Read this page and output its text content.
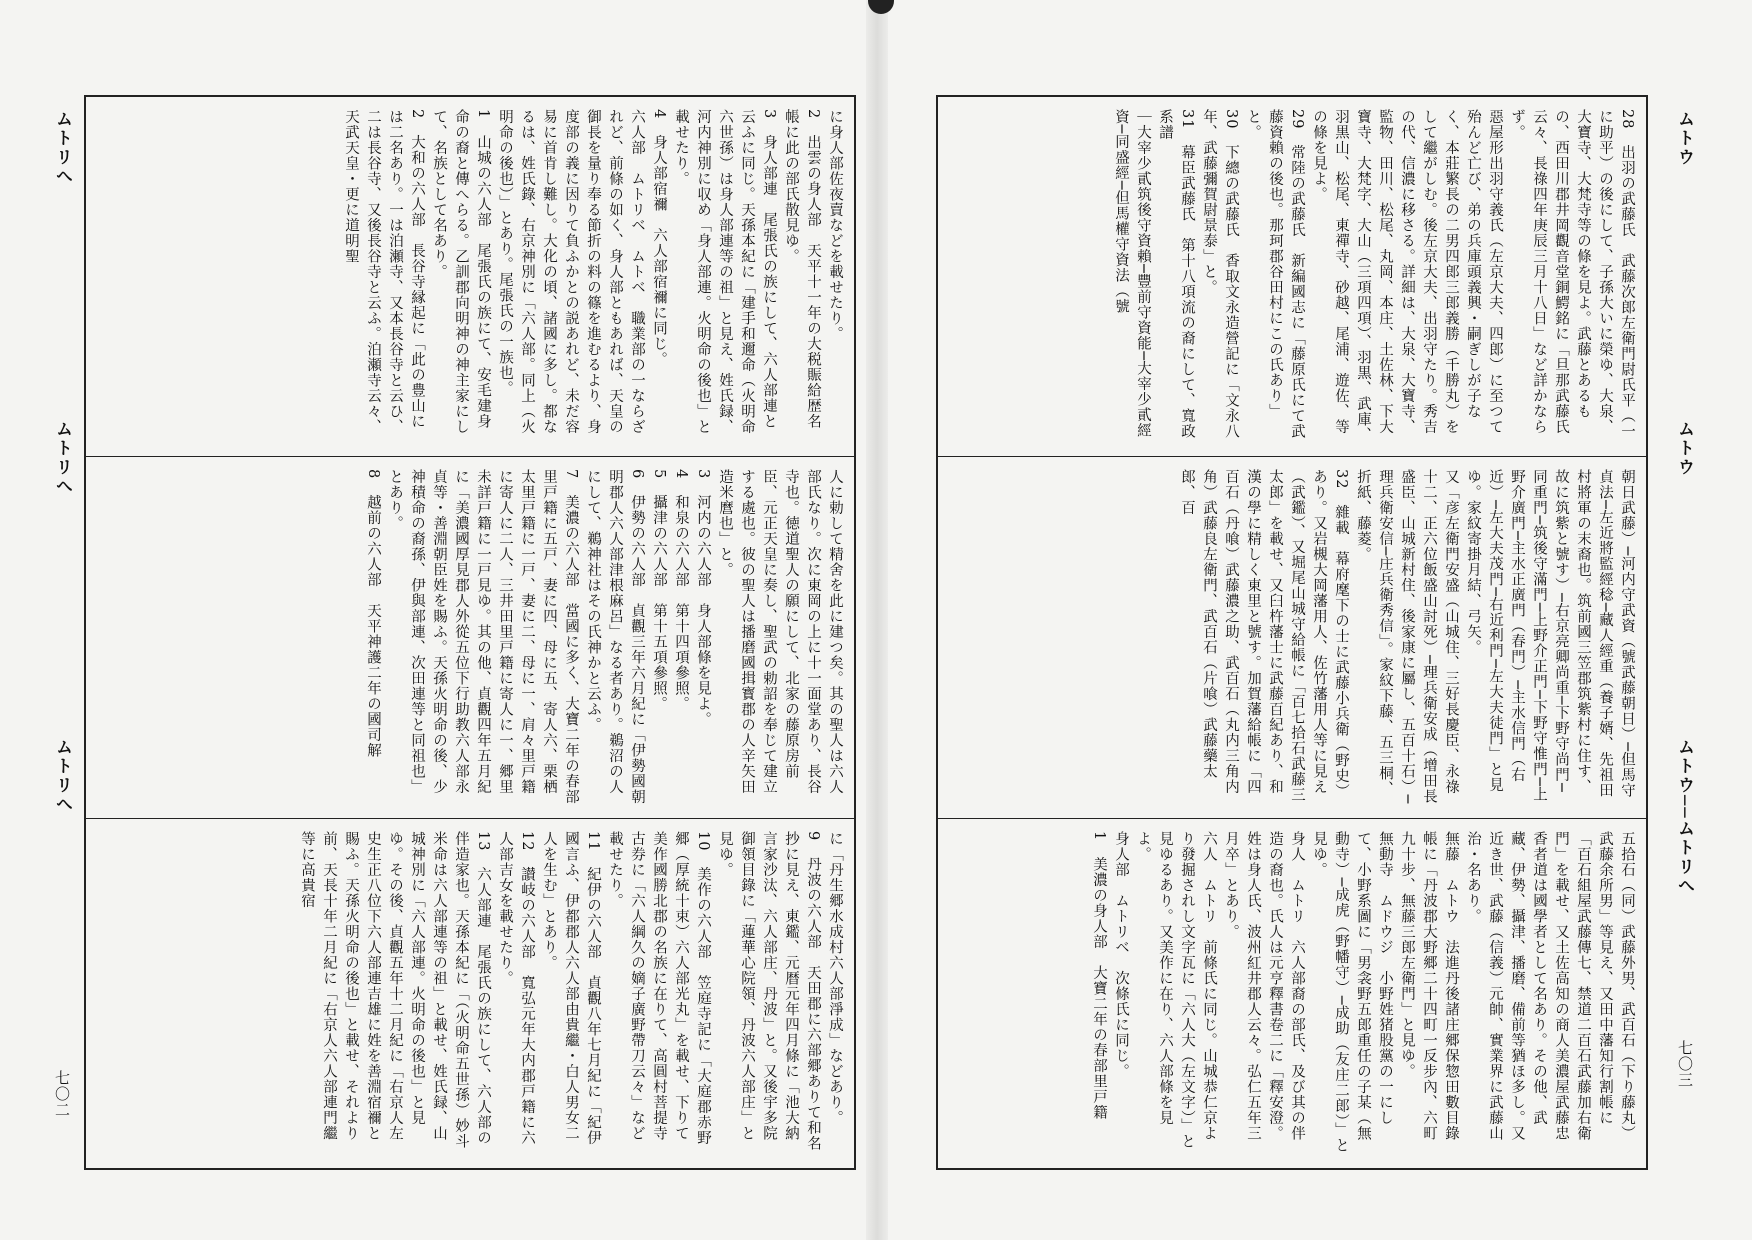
に身人部佐夜賣などを載せたり。
2　出雲の身人部　天平十一年の大税賑給歴名帳に此の部氏散見ゆ。
3　身人部連　尾張氏の族にして、六人部連と云ふに同じ。天孫本紀に「建手和邇命（火明命六世孫）は身人部連等の祖」と見え、姓氏録、河内神別に収め「身人部連。火明命の後也」と載せたり。
4　身人部宿禰　六人部宿禰に同じ。
六人部　ムトリベ　ムトベ　職業部の一ならざれど、前條の如く、身人部ともあれば、天皇の御長を量り奉る節折の料の篠を進むるより、身度部の義に因りて負ふかとの説あれど、未だ容易に首肯し難し。大化の頃、諸國に多し。都なるは、姓氏錄、右京神別に「六人部。同上（火明命の後也）」とあり。尾張氏の一族也。
1　山城の六人部　尾張氏の族にて、安毛建身命の裔と傳へらる。乙訓郡向明神の神主家にして、名族として名あり。
2　大和の六人部　長谷寺縁起に「此の豊山には二名あり。一は泊瀬寺、又本長谷寺と云ひ、二は長谷寺、又後長谷寺と云ふ。泊瀬寺云々、天武天皇・更に道明聖
人に勅して精舍を此に建つ矣。其の聖人は六人部氏なり。次に東岡の上に十一面堂あり、長谷寺也。徳道聖人の願にして、北家の藤原房前臣、元正天皇に奏し、聖武の勅詔を奉じて建立する處也。彼の聖人は播磨國揖寳郡の人辛矢田造米麿也」と。
3　河内の六人部　身人部條を見よ。
4　和泉の六人部　第十四項參照。
5　攝津の六人部　第十五項參照。
6　伊勢の六人部　貞觀三年六月紀に「伊勢國朝明郡人六人部津根麻呂」なる者あり。鵜沼の人にして、鵜神社はその氏神かと云ふ。
7　美濃の六人部　當國に多く、大寶二年の春部里戸籍に五戸、妻に四、母に五、寄人六、栗栖太里戸籍に一戸、妻に二、母に一、肩々里戸籍に寄人に二人、三井田里戸籍に寄人に一、郷里未詳戸籍に一戸見ゆ。其の他、貞觀四年五月紀に「美濃國厚見郡人外從五位下行助教六人部永貞等・善淵朝臣姓を賜ふ。天孫火明命の後、少神積命の裔孫、伊與部連、次田連等と同祖也」とあり。
8　越前の六人部　天平神護二年の國司解
に「丹生郷水成村六人部淨成」などあり。
9　丹波の六人部　天田郡に六部郷ありて和名抄に見え、東鑑、元暦元年四月條に「池大納言家沙汰、六人部庄、丹波」と。又後宇多院御領目錄に「蓮華心院領、丹波六人部庄」と見ゆ。
10　美作の六人部　笠庭寺記に「大庭郡赤野郷（厚統十束）六人部光丸」を載せ、下りて美作國勝北郡の名族に在りて、高圓村菩提寺古券に「六人綱久の嫡子廣野帶刀云々」など載せたり。
11　紀伊の六人部　貞觀八年七月紀に「紀伊國言ふ、伊都郡人六人部由貴繼・白人男女二人を生む」とあり。
12　讃岐の六人部　寬弘元年大内郡戸籍に六人部吉女を載せたり。
13　六人部連　尾張氏の族にして、六人部の伴造家也。天孫本紀に「（火明命五世孫）妙斗米命は六人部連等の祖」と載せ、姓氏録、山城神別に「六人部連。火明命の後也」と見ゆ。その後、貞觀五年十二月紀に「右京人左史生正八位下六人部連吉雄に姓を善淵宿禰と賜ふ。天孫火明命の後也」と載せ、それより前、天長十年二月紀に「右京人六人部連門繼等に高貴宿
ムトリへ
ムトリへ
ムトリへ
七〇二
28　出羽の武藤氏　武藤次郎左衛門尉氏平（一に助平）の後にして、子孫大いに榮ゆ、大泉、大寶寺、大梵寺等の條を見よ。武藤とあるもの、西田川郡井岡觀音堂銅鰐銘に「旦那武藤氏云々、長祿四年庚辰三月十八日」など詳かならず。
惡屋形出羽守義氏（左京大夫、四郎）に至つて殆んど亡び、弟の兵庫頭義興・嗣ぎしが子なく、本莊繁長の二男四郎三郎義勝（千勝丸）をして繼がしむ。後左京大夫、出羽守たり。秀吉の代、信濃に移さる。詳細は、大泉、大寶寺、監物、田川、松尾、丸岡、本庄、土佐林、下大寶寺、大梵字、大山（三項四項）、羽黒、武庫、羽黒山、松尾、東禪寺、砂越、尾浦、遊佐、等の條を見よ。
29　常陸の武藤氏　新編國志に「藤原氏にて武藤資賴の後也。那珂郡谷田村にこの氏あり」と。
30　下總の武藤氏　香取文永造營記に「文永八年、武藤彌賀尉景泰」と。
31　幕臣武藤氏　第十八項流の裔にして、寬政系譜
｜大宰少貳筑後守資賴─豐前守資能─大宰少貳經資─同盛經─但馬權守資法（號
朝日武藤）─河内守武資（號武藤朝日）─但馬守貞法─左近將監經稔─藏人經重（養子婿、先祖田村將軍の末裔也。筑前國三笠郡筑紫村に住す、故に筑紫と號す）─右京亮卿尚重─下野守尚門─同重門─筑後守滿門─上野介正門─下野守惟門─上野介廣門─主水正廣門（春門）─主水信門（右近）─左大夫茂門─右近利門─左大夫徒門」と見ゆ。家紋寄掛月結、弓矢。
又「彦左衛門安盛（山城住、三好長慶臣、永祿十二、正六位飯盛山討死）─理兵衛安成（增田長盛臣、山城新村住、後家康に屬し、五百十石）─理兵衛安信─庄兵衛秀信」。家紋下藤、五三桐、折紙、藤菱。
32　雜載　幕府麾下の士に武藤小兵衛（野史）あり。又岩槻大岡藩用人、佐竹藩用人等に見え（武鑑）、又堀尾山城守給帳に「百七拾石武藤三太郎」を載せ、又臼杵藩士に武藤百紀あり、和漢の學に精しく東里と號す。加賀藩給帳に「四百石（丹喰）武藤濃之助、武百石（丸内三角内角）武藤良左衛門、武百石（片喰）武藤藥太郎、百
五拾石（同）武藤外男、武百石（下り藤丸）武藤余所男」等見え、又田中藩知行割帳に「百石組屋武藤傳七、禁道二百石武藤加右衛門」を載せ、又土佐高知の商人美濃屋武藤忠香者道は國學者として名あり。その他、武藏、伊勢、攝津、播磨、備前等猶ほ多し。又近き世、武藤（信義）元帥、實業界に武藤山治・名あり。
無藤　ムトウ　法進丹後諸庄郷保惣田數目錄帳に「丹波郡大野郷二十四町一反步內、六町九十步、無藤三郎左衛門」と見ゆ。
無動寺　ムドウジ　小野姓猪股黨の一にして、小野系圖に「男衾野五郎重任の子某（無動寺）─成虎（野幡守）─成助（友庄二郎）」と見ゆ。
身人　ムトリ　六人部裔の部氏、及び其の伴造の裔也。氏人は元亨釋書卷二に「釋安澄。姓は身人氏、波州紅井郡人云々。弘仁五年三月卒」とあり。
六人　ムトリ　前條氏に同じ。山城恭仁京より發掘されし文字瓦に「六人大（左文字）」と見ゆるあり。又美作に在り、六人部條を見よ。
身人部　ムトリベ　次條氏に同じ。
1　美濃の身人部　大寶二年の春部里戸籍
ムトウ
ムトウ
ムトウ──ムトリへ
七〇三
